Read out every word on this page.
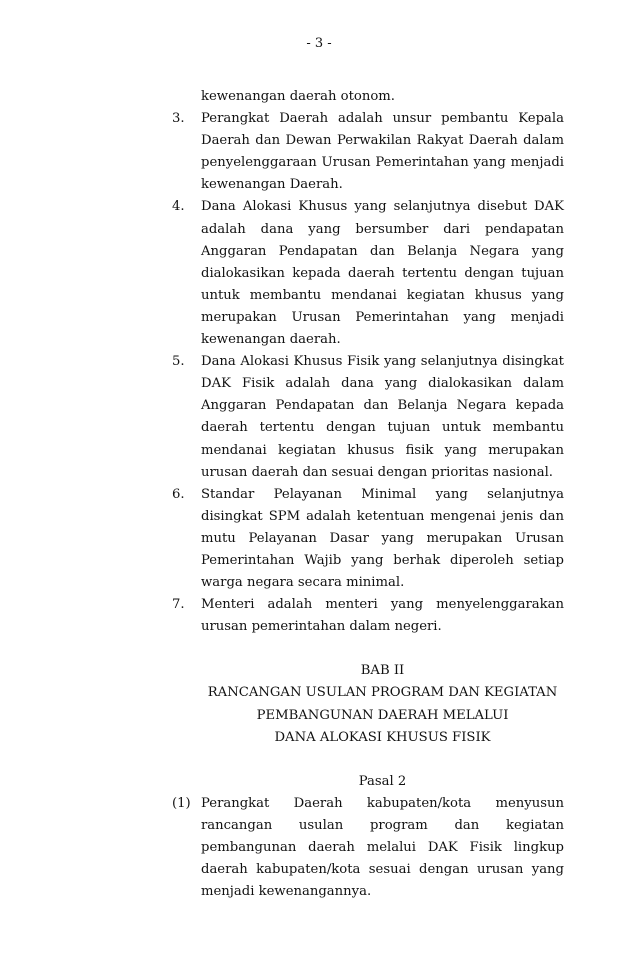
- 3 -
kewenangan daerah otonom.
3.	Perangkat Daerah adalah unsur pembantu Kepala Daerah dan Dewan Perwakilan Rakyat Daerah dalam penyelenggaraan Urusan Pemerintahan yang menjadi kewenangan Daerah.
4.	Dana Alokasi Khusus yang selanjutnya disebut DAK adalah dana yang bersumber dari pendapatan Anggaran Pendapatan dan Belanja Negara yang dialokasikan kepada daerah tertentu dengan tujuan untuk membantu mendanai kegiatan khusus yang merupakan Urusan Pemerintahan yang menjadi kewenangan daerah.
5.	Dana Alokasi Khusus Fisik yang selanjutnya disingkat DAK Fisik adalah dana yang dialokasikan dalam Anggaran Pendapatan dan Belanja Negara kepada daerah tertentu dengan tujuan untuk membantu mendanai kegiatan khusus fisik yang merupakan urusan daerah dan sesuai dengan prioritas nasional.
6.	Standar Pelayanan Minimal yang selanjutnya disingkat SPM adalah ketentuan mengenai jenis dan mutu Pelayanan Dasar yang merupakan Urusan Pemerintahan Wajib yang berhak diperoleh setiap warga negara secara minimal.
7.	Menteri adalah menteri yang menyelenggarakan urusan pemerintahan dalam negeri.
BAB II
RANCANGAN USULAN PROGRAM DAN KEGIATAN
PEMBANGUNAN DAERAH MELALUI
DANA ALOKASI KHUSUS FISIK
Pasal 2
(1) Perangkat Daerah kabupaten/kota menyusun rancangan usulan program dan kegiatan pembangunan daerah melalui DAK Fisik lingkup daerah kabupaten/kota sesuai dengan urusan yang menjadi kewenangannya.
